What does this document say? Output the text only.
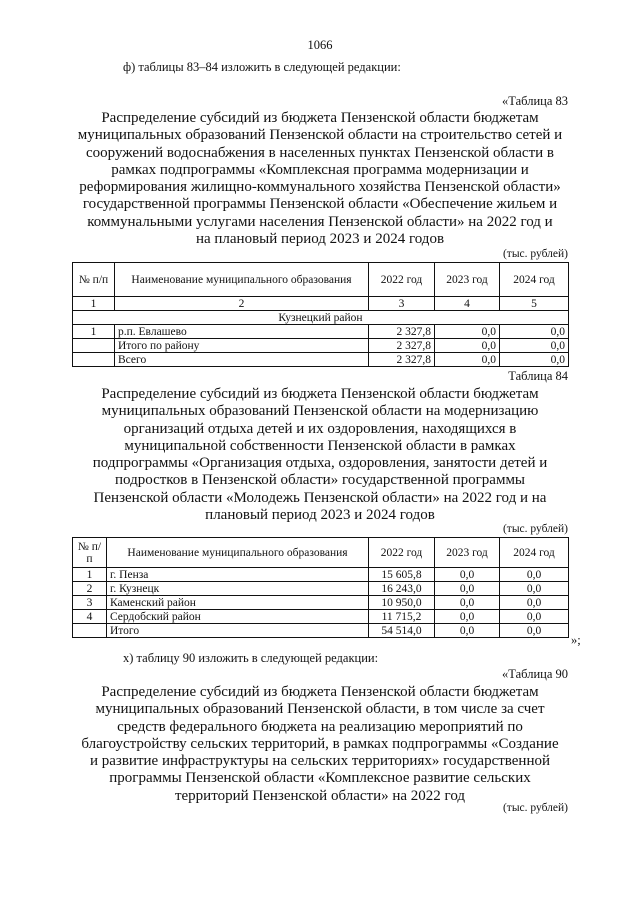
1066
ф) таблицы 83–84 изложить в следующей редакции:
«Таблица 83
Распределение субсидий из бюджета Пензенской области бюджетам
муниципальных образований Пензенской области на строительство сетей и
сооружений водоснабжения в населенных пунктах Пензенской области в
рамках подпрограммы «Комплексная программа модернизации и
реформирования жилищно-коммунального хозяйства Пензенской области»
государственной программы Пензенской области «Обеспечение жильем и
коммунальными услугами населения Пензенской области» на 2022 год и
на плановый период 2023 и 2024 годов
(тыс. рублей)
№ п/п	Наименование муниципального образования	2022 год	2023 год	2024 год
1	2	3	4	5
Кузнецкий район				
1	р.п. Евлашево	2 327,8	0,0	0,0
	Итого по району	2 327,8	0,0	0,0
	Всего	2 327,8	0,0	0,0
Таблица 84
Распределение субсидий из бюджета Пензенской области бюджетам
муниципальных образований Пензенской области на модернизацию
организаций отдыха детей и их оздоровления, находящихся в
муниципальной собственности Пензенской области в рамках
подпрограммы «Организация отдыха, оздоровления, занятости детей и
подростков в Пензенской области» государственной программы
Пензенской области «Молодежь Пензенской области» на 2022 год и на
плановый период 2023 и 2024 годов
(тыс. рублей)
№ п/п	Наименование муниципального образования	2022 год	2023 год	2024 год
1	г. Пенза	15 605,8	0,0	0,0
2	г. Кузнецк	16 243,0	0,0	0,0
3	Каменский район	10 950,0	0,0	0,0
4	Сердобский район	11 715,2	0,0	0,0
	Итого	54 514,0	0,0	0,0
»;
х) таблицу 90 изложить в следующей редакции:
«Таблица 90
Распределение субсидий из бюджета Пензенской области бюджетам
муниципальных образований Пензенской области, в том числе за счет
средств федерального бюджета на реализацию мероприятий по
благоустройству сельских территорий, в рамках подпрограммы «Создание
и развитие инфраструктуры на сельских территориях» государственной
программы Пензенской области «Комплексное развитие сельских
территорий Пензенской области» на 2022 год
(тыс. рублей)
